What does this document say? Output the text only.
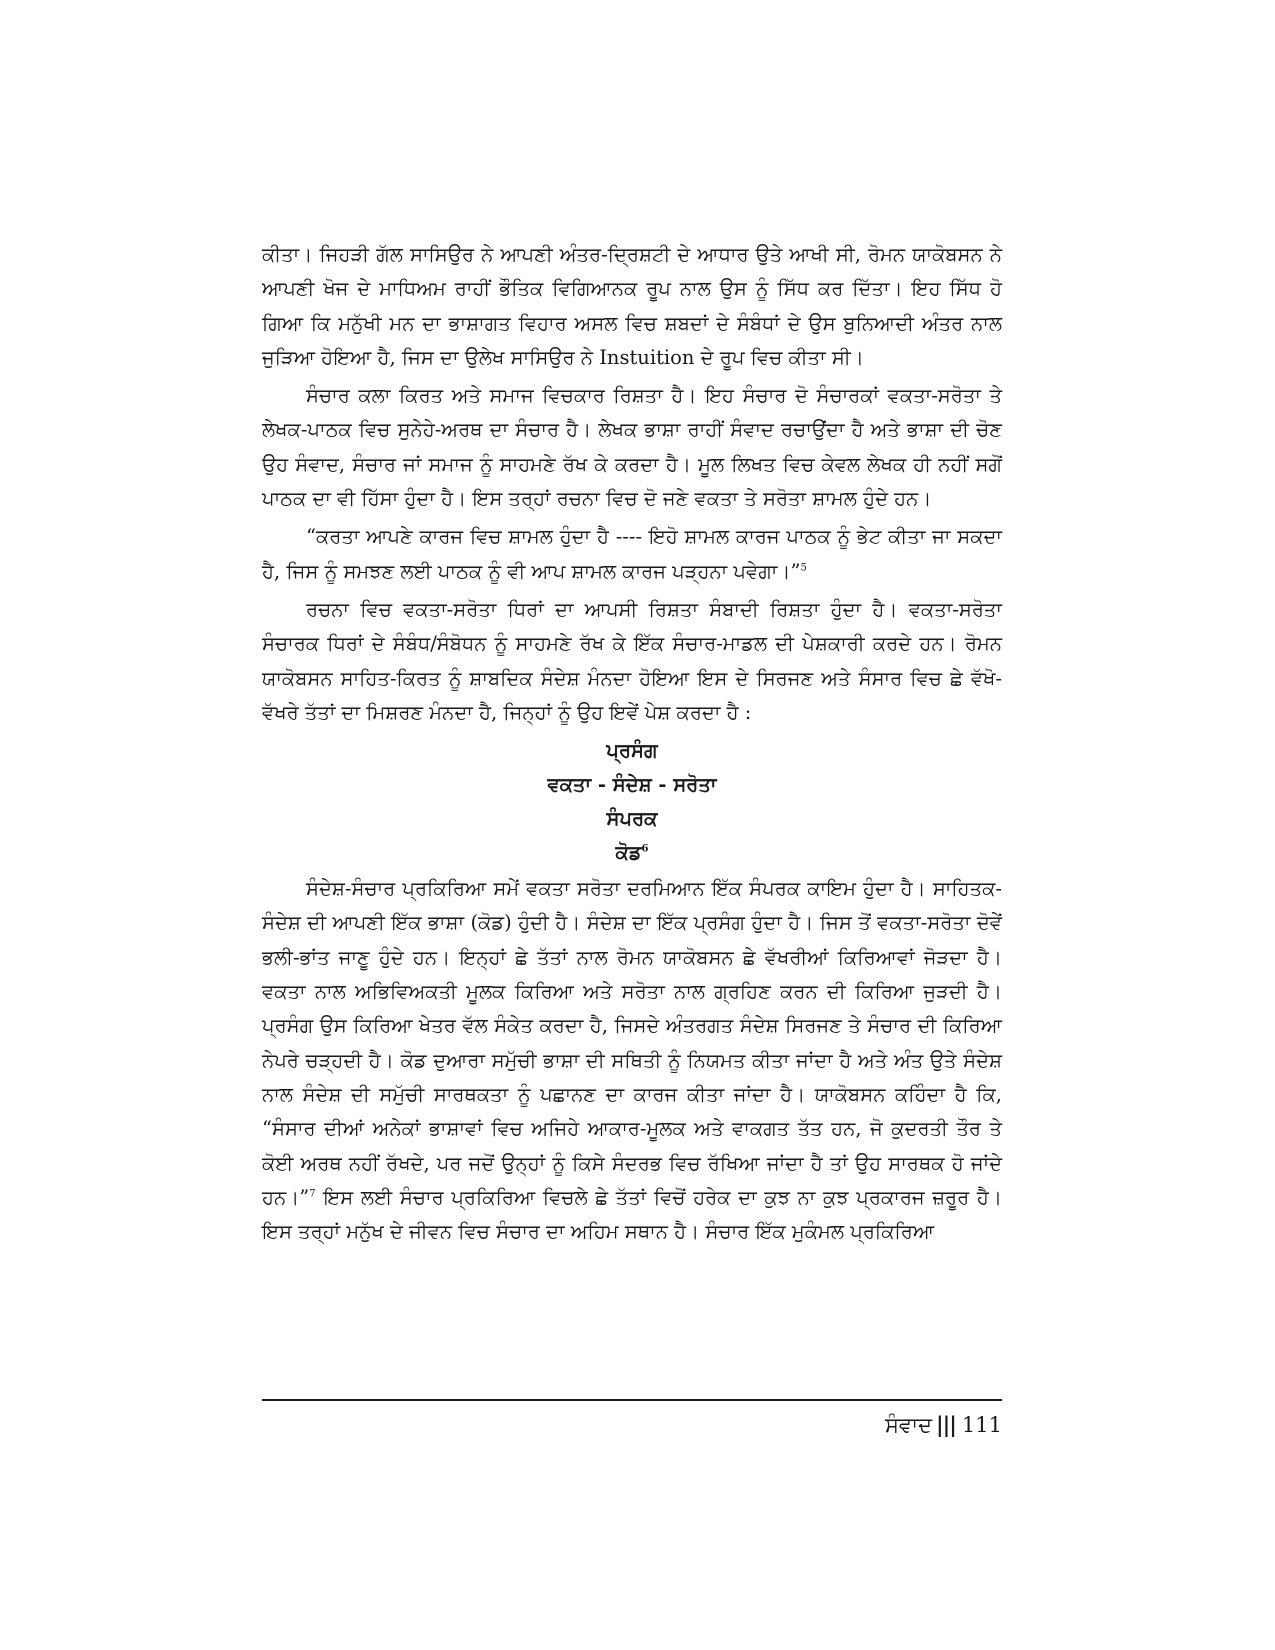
ਕੀਤਾ। ਜਿਹੜੀ ਗੱਲ ਸਾਸਿਉਰ ਨੇ ਆਪਣੀ ਅੰਤਰ-ਦ੍ਰਿਸ਼ਟੀ ਦੇ ਆਧਾਰ ਉਤੇ ਆਖੀ ਸੀ, ਰੋਮਨ ਯਾਕੋਬਸਨ ਨੇ ਆਪਣੀ ਖੋਜ ਦੇ ਮਾਧਿਅਮ ਰਾਹੀਂ ਭੌਤਿਕ ਵਿਗਿਆਨਕ ਰੂਪ ਨਾਲ ਉਸ ਨੂੰ ਸਿੱਧ ਕਰ ਦਿੱਤਾ। ਇਹ ਸਿੱਧ ਹੋ ਗਿਆ ਕਿ ਮਨੁੱਖੀ ਮਨ ਦਾ ਭਾਸ਼ਾਗਤ ਵਿਹਾਰ ਅਸਲ ਵਿਚ ਸ਼ਬਦਾਂ ਦੇ ਸੰਬੰਧਾਂ ਦੇ ਉਸ ਬੁਨਿਆਦੀ ਅੰਤਰ ਨਾਲ ਜੁੜਿਆ ਹੋਇਆ ਹੈ, ਜਿਸ ਦਾ ਉਲੇਖ ਸਾਸਿਉਰ ਨੇ Instuition ਦੇ ਰੂਪ ਵਿਚ ਕੀਤਾ ਸੀ।

ਸੰਚਾਰ ਕਲਾ ਕਿਰਤ ਅਤੇ ਸਮਾਜ ਵਿਚਕਾਰ ਰਿਸ਼ਤਾ ਹੈ। ਇਹ ਸੰਚਾਰ ਦੋ ਸੰਚਾਰਕਾਂ ਵਕਤਾ-ਸਰੋਤਾ ਤੇ ਲੇਖਕ-ਪਾਠਕ ਵਿਚ ਸੁਨੇਹੇ-ਅਰਥ ਦਾ ਸੰਚਾਰ ਹੈ। ਲੇਖਕ ਭਾਸ਼ਾ ਰਾਹੀਂ ਸੰਵਾਦ ਰਚਾਉਂਦਾ ਹੈ ਅਤੇ ਭਾਸ਼ਾ ਦੀ ਚੋਣ ਉਹ ਸੰਵਾਦ, ਸੰਚਾਰ ਜਾਂ ਸਮਾਜ ਨੂੰ ਸਾਹਮਣੇ ਰੱਖ ਕੇ ਕਰਦਾ ਹੈ। ਮੂਲ ਲਿਖਤ ਵਿਚ ਕੇਵਲ ਲੇਖਕ ਹੀ ਨਹੀਂ ਸਗੋਂ ਪਾਠਕ ਦਾ ਵੀ ਹਿੱਸਾ ਹੁੰਦਾ ਹੈ। ਇਸ ਤਰ੍ਹਾਂ ਰਚਨਾ ਵਿਚ ਦੋ ਜਣੇ ਵਕਤਾ ਤੇ ਸਰੋਤਾ ਸ਼ਾਮਲ ਹੁੰਦੇ ਹਨ।

“ਕਰਤਾ ਆਪਣੇ ਕਾਰਜ ਵਿਚ ਸ਼ਾਮਲ ਹੁੰਦਾ ਹੈ ---- ਇਹੋ ਸ਼ਾਮਲ ਕਾਰਜ ਪਾਠਕ ਨੂੰ ਭੇਟ ਕੀਤਾ ਜਾ ਸਕਦਾ ਹੈ, ਜਿਸ ਨੂੰ ਸਮਝਣ ਲਈ ਪਾਠਕ ਨੂੰ ਵੀ ਆਪ ਸ਼ਾਮਲ ਕਾਰਜ ਪੜ੍ਹਨਾ ਪਵੇਗਾ।”$^5$

ਰਚਨਾ ਵਿਚ ਵਕਤਾ-ਸਰੋਤਾ ਧਿਰਾਂ ਦਾ ਆਪਸੀ ਰਿਸ਼ਤਾ ਸੰਬਾਦੀ ਰਿਸ਼ਤਾ ਹੁੰਦਾ ਹੈ। ਵਕਤਾ-ਸਰੋਤਾ ਸੰਚਾਰਕ ਧਿਰਾਂ ਦੇ ਸੰਬੰਧ/ਸੰਬੋਧਨ ਨੂੰ ਸਾਹਮਣੇ ਰੱਖ ਕੇ ਇੱਕ ਸੰਚਾਰ-ਮਾਡਲ ਦੀ ਪੇਸ਼ਕਾਰੀ ਕਰਦੇ ਹਨ। ਰੋਮਨ ਯਾਕੋਬਸਨ ਸਾਹਿਤ-ਕਿਰਤ ਨੂੰ ਸ਼ਾਬਦਿਕ ਸੰਦੇਸ਼ ਮੰਨਦਾ ਹੋਇਆ ਇਸ ਦੇ ਸਿਰਜਣ ਅਤੇ ਸੰਸਾਰ ਵਿਚ ਛੇ ਵੱਖੋ-ਵੱਖਰੇ ਤੱਤਾਂ ਦਾ ਮਿਸ਼ਰਣ ਮੰਨਦਾ ਹੈ, ਜਿਨ੍ਹਾਂ ਨੂੰ ਉਹ ਇਵੇਂ ਪੇਸ਼ ਕਰਦਾ ਹੈ :

ਪ੍ਰਸੰਗ
ਵਕਤਾ - ਸੰਦੇਸ਼ - ਸਰੋਤਾ
ਸੰਪਰਕ
ਕੋਡ$^6$

ਸੰਦੇਸ਼-ਸੰਚਾਰ ਪ੍ਰਕਿਰਿਆ ਸਮੇਂ ਵਕਤਾ ਸਰੋਤਾ ਦਰਮਿਆਨ ਇੱਕ ਸੰਪਰਕ ਕਾਇਮ ਹੁੰਦਾ ਹੈ। ਸਾਹਿਤਕ-ਸੰਦੇਸ਼ ਦੀ ਆਪਣੀ ਇੱਕ ਭਾਸ਼ਾ (ਕੋਡ) ਹੁੰਦੀ ਹੈ। ਸੰਦੇਸ਼ ਦਾ ਇੱਕ ਪ੍ਰਸੰਗ ਹੁੰਦਾ ਹੈ। ਜਿਸ ਤੋਂ ਵਕਤਾ-ਸਰੋਤਾ ਦੋਵੇਂ ਭਲੀ-ਭਾਂਤ ਜਾਣੂ ਹੁੰਦੇ ਹਨ। ਇਨ੍ਹਾਂ ਛੇ ਤੱਤਾਂ ਨਾਲ ਰੋਮਨ ਯਾਕੋਬਸਨ ਛੇ ਵੱਖਰੀਆਂ ਕਿਰਿਆਵਾਂ ਜੋੜਦਾ ਹੈ। ਵਕਤਾ ਨਾਲ ਅਭਿਵਿਅਕਤੀ ਮੂਲਕ ਕਿਰਿਆ ਅਤੇ ਸਰੋਤਾ ਨਾਲ ਗ੍ਰਹਿਣ ਕਰਨ ਦੀ ਕਿਰਿਆ ਜੁੜਦੀ ਹੈ। ਪ੍ਰਸੰਗ ਉਸ ਕਿਰਿਆ ਖੇਤਰ ਵੱਲ ਸੰਕੇਤ ਕਰਦਾ ਹੈ, ਜਿਸਦੇ ਅੰਤਰਗਤ ਸੰਦੇਸ਼ ਸਿਰਜਣ ਤੇ ਸੰਚਾਰ ਦੀ ਕਿਰਿਆ ਨੇਪਰੇ ਚੜ੍ਹਦੀ ਹੈ। ਕੋਡ ਦੁਆਰਾ ਸਮੁੱਚੀ ਭਾਸ਼ਾ ਦੀ ਸਥਿਤੀ ਨੂੰ ਨਿਯਮਤ ਕੀਤਾ ਜਾਂਦਾ ਹੈ ਅਤੇ ਅੰਤ ਉਤੇ ਸੰਦੇਸ਼ ਨਾਲ ਸੰਦੇਸ਼ ਦੀ ਸਮੁੱਚੀ ਸਾਰਥਕਤਾ ਨੂੰ ਪਛਾਨਣ ਦਾ ਕਾਰਜ ਕੀਤਾ ਜਾਂਦਾ ਹੈ। ਯਾਕੋਬਸਨ ਕਹਿੰਦਾ ਹੈ ਕਿ, “ਸੰਸਾਰ ਦੀਆਂ ਅਨੇਕਾਂ ਭਾਸ਼ਾਵਾਂ ਵਿਚ ਅਜਿਹੇ ਆਕਾਰ-ਮੂਲਕ ਅਤੇ ਵਾਕਗਤ ਤੱਤ ਹਨ, ਜੋ ਕੁਦਰਤੀ ਤੌਰ ਤੇ ਕੋਈ ਅਰਥ ਨਹੀਂ ਰੱਖਦੇ, ਪਰ ਜਦੋਂ ਉਨ੍ਹਾਂ ਨੂੰ ਕਿਸੇ ਸੰਦਰਭ ਵਿਚ ਰੱਖਿਆ ਜਾਂਦਾ ਹੈ ਤਾਂ ਉਹ ਸਾਰਥਕ ਹੋ ਜਾਂਦੇ ਹਨ।”$^7$ ਇਸ ਲਈ ਸੰਚਾਰ ਪ੍ਰਕਿਰਿਆ ਵਿਚਲੇ ਛੇ ਤੱਤਾਂ ਵਿਚੋਂ ਹਰੇਕ ਦਾ ਕੁਝ ਨਾ ਕੁਝ ਪ੍ਰਕਾਰਜ ਜ਼ਰੂਰ ਹੈ। ਇਸ ਤਰ੍ਹਾਂ ਮਨੁੱਖ ਦੇ ਜੀਵਨ ਵਿਚ ਸੰਚਾਰ ਦਾ ਅਹਿਮ ਸਥਾਨ ਹੈ। ਸੰਚਾਰ ਇੱਕ ਮੁਕੰਮਲ ਪ੍ਰਕਿਰਿਆ

ਸੰਵਾਦ ||| 111
